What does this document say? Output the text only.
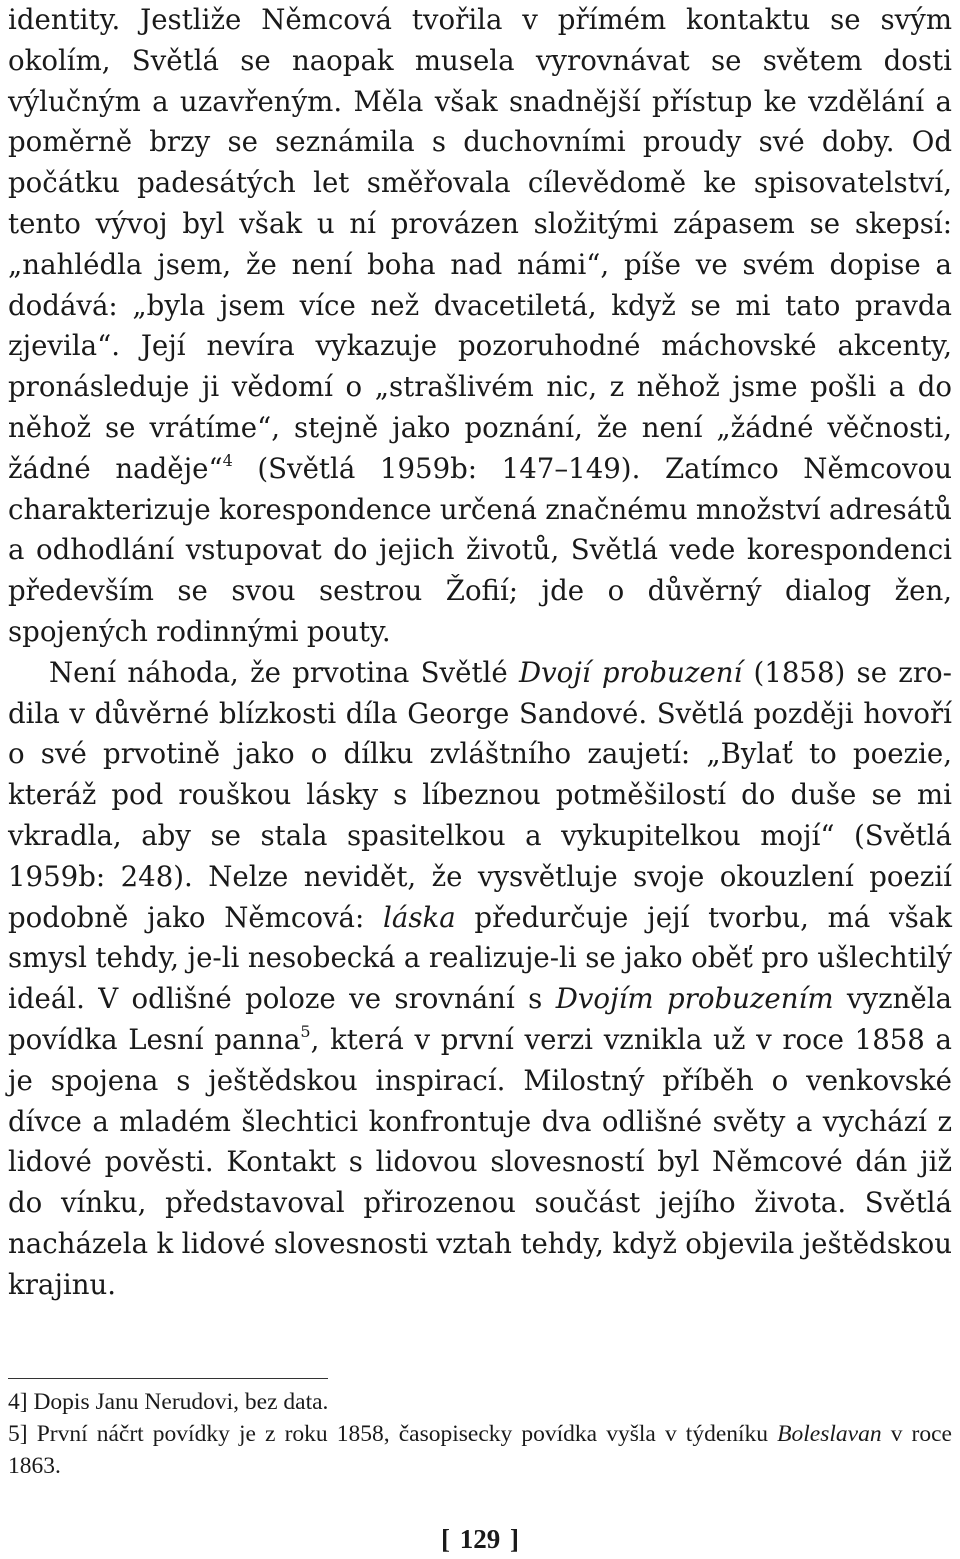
identity. Jestliže Němcová tvořila v přímém kontaktu se svým okolím, Světlá se naopak musela vyrovnávat se světem dosti výlučným a uzavřeným. Měla však snadnější přístup ke vzdělání a poměrně brzy se seznámila s duchovními proudy své doby. Od počátku padesátých let směřovala cílevědomě ke spisovatelství, tento vývoj byl však u ní provázen složitými zápasem se skepsí: „nahlédla jsem, že není boha nad námi“, píše ve svém dopise a dodává: „byla jsem více než dvacetiletá, když se mi tato pravda zjevila“. Její nevíra vykazuje pozoruhodné máchovské akcenty, pronásleduje ji vědomí o „strašlivém nic, z něhož jsme pošli a do něhož se vrátíme“, stejně jako poznání, že není „žádné věčnosti, žádné naděje“$^4$ (Světlá 1959b: 147–149). Zatímco Němcovou charakterizuje korespondence určená značnému množství adresátů a odhodlání vstupovat do jejich životů, Světlá vede korespondenci především se svou sestrou Žofií; jde o důvěrný dialog žen, spojených rodinnými pouty.

Není náhoda, že prvotina Světlé Dvojí probuzení (1858) se zrodila v důvěrné blízkosti díla George Sandové. Světlá později hovoří o své prvotině jako o dílku zvláštního zaujetí: „Bylať to poezie, kteráž pod rouškou lásky s líbeznou potměšilostí do duše se mi vkradla, aby se stala spasitelkou a vykupitelkou mojí“ (Světlá 1959b: 248). Nelze nevidět, že vysvětluje svoje okouzlení poezií podobně jako Němcová: láska předurčuje její tvorbu, má však smysl tehdy, je-li nesobecká a realizuje-li se jako oběť pro ušlechtilý ideál. V odlišné poloze ve srovnání s Dvojím probuzením vyzněla povídka Lesní panna$^5$, která v první verzi vznikla už v roce 1858 a je spojena s ještědskou inspirací. Milostný příběh o venkovské dívce a mladém šlechtici konfrontuje dva odlišné světy a vychází z lidové pověsti. Kontakt s lidovou slovesností byl Němcové dán již do vínku, představoval přirozenou součást jejího života. Světlá nacházela k lidové slovesnosti vztah tehdy, když objevila ještědskou krajinu.

4] Dopis Janu Nerudovi, bez data.

5] První náčrt povídky je z roku 1858, časopisecky povídka vyšla v týdeníku Boleslavan v roce 1863.

[ 129 ]
